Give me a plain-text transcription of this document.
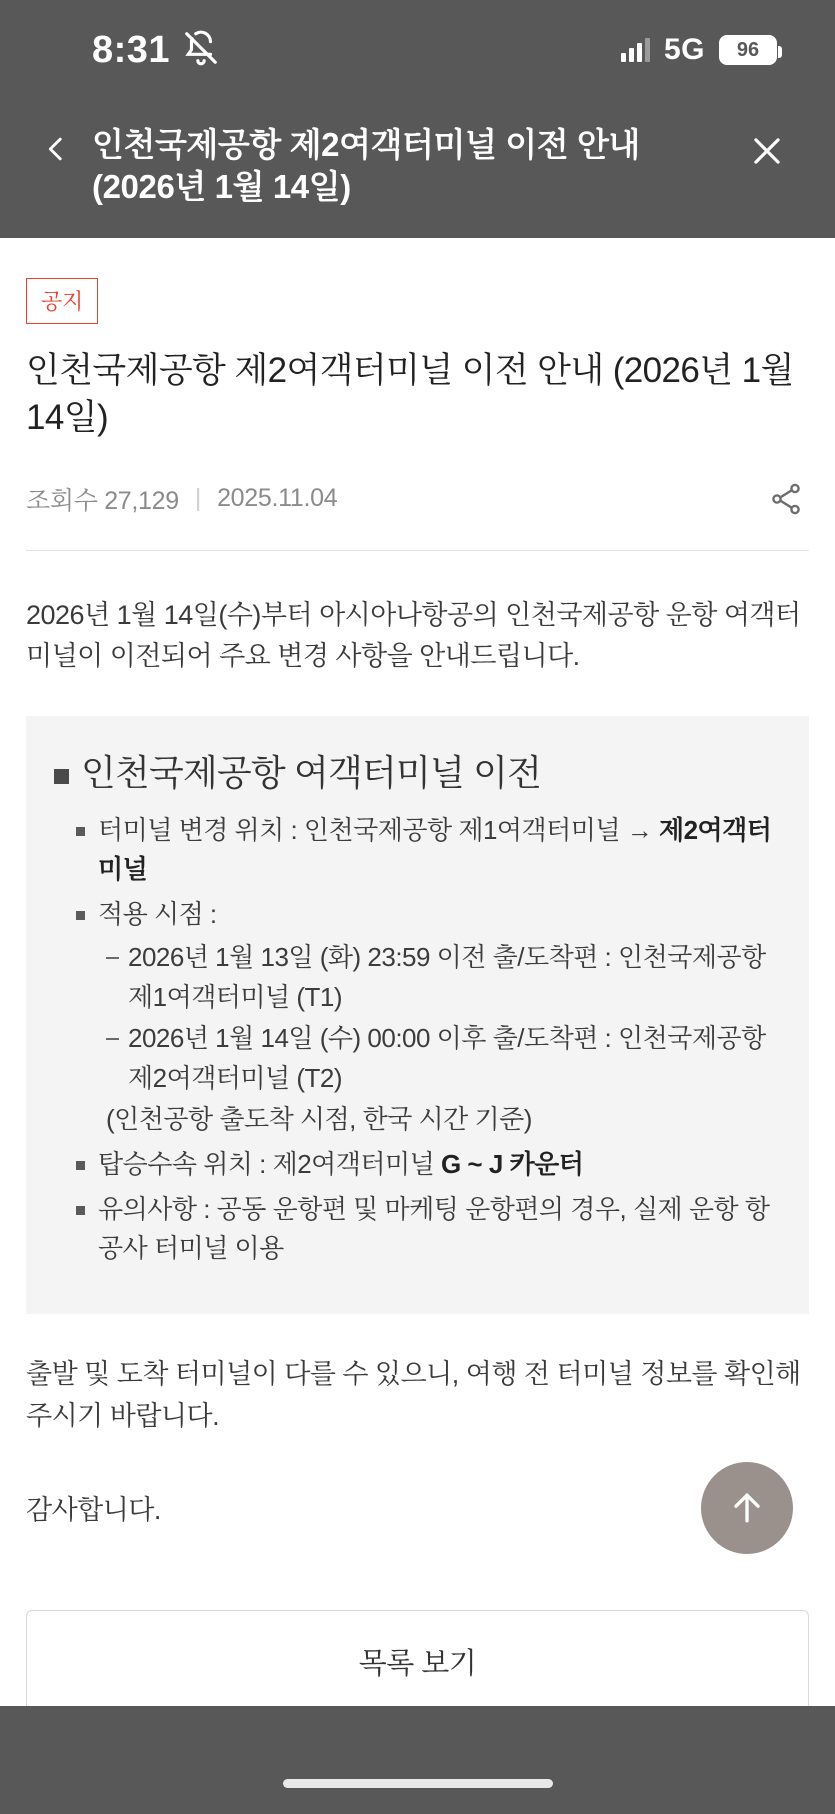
8:31	5G	96
인천국제공항 제2여객터미널 이전 안내 (2026년 1월 14일)
공지
인천국제공항 제2여객터미널 이전 안내 (2026년 1월 14일)
조회수 27,129 | 2025.11.04

2026년 1월 14일(수)부터 아시아나항공의 인천국제공항 운항 여객터미널이 이전되어 주요 변경 사항을 안내드립니다.

인천국제공항 여객터미널 이전
터미널 변경 위치 : 인천국제공항 제1여객터미널 → 제2여객터미널
적용 시점 :
2026년 1월 13일 (화) 23:59 이전 출/도착편 : 인천국제공항 제1여객터미널 (T1)
2026년 1월 14일 (수) 00:00 이후 출/도착편 : 인천국제공항 제2여객터미널 (T2)
(인천공항 출도착 시점, 한국 시간 기준)
탑승수속 위치 : 제2여객터미널 G ~ J 카운터
유의사항 : 공동 운항편 및 마케팅 운항편의 경우, 실제 운항 항공사 터미널 이용

출발 및 도착 터미널이 다를 수 있으니, 여행 전 터미널 정보를 확인해 주시기 바랍니다.

감사합니다.

목록 보기
